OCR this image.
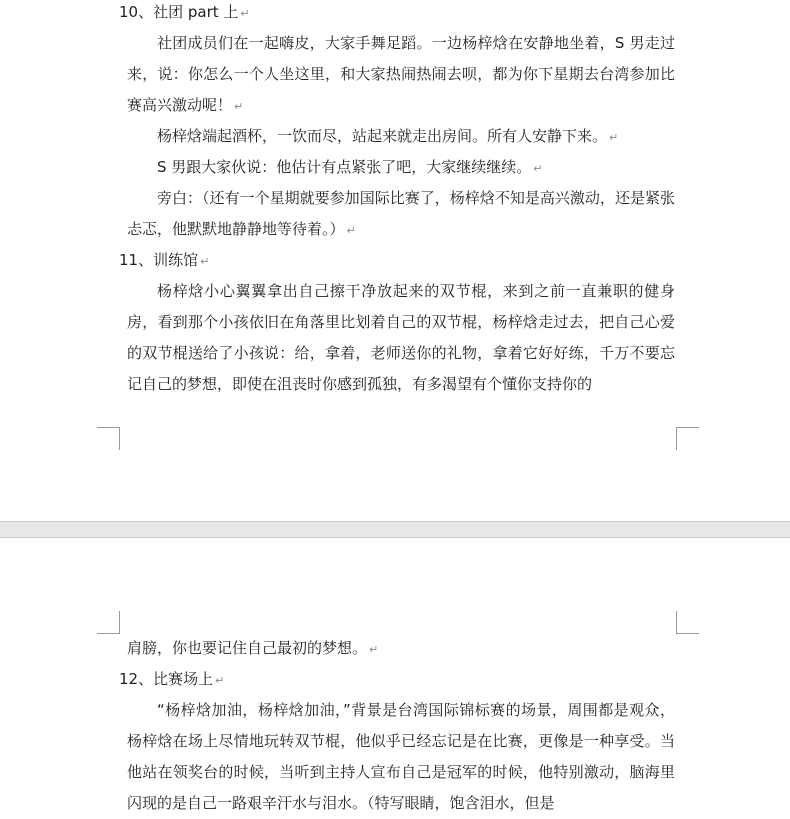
10、社团 part 上 ↵

社团成员们在一起嗨皮，大家手舞足蹈。一边杨梓焓在安静地坐着，S 男走过来，说：你怎么一个人坐这里，和大家热闹热闹去呗，都为你下星期去台湾参加比赛高兴激动呢！ ↵

杨梓焓端起酒杯，一饮而尽，站起来就走出房间。所有人安静下来。 ↵

S 男跟大家伙说：他估计有点紧张了吧，大家继续继续。 ↵

旁白：（还有一个星期就要参加国际比赛了，杨梓焓不知是高兴激动，还是紧张忐忑，他默默地静静地等待着。） ↵

11、训练馆 ↵

杨梓焓小心翼翼拿出自己擦干净放起来的双节棍，来到之前一直兼职的健身房，看到那个小孩依旧在角落里比划着自己的双节棍，杨梓焓走过去，把自己心爱的双节棍送给了小孩说：给，拿着，老师送你的礼物，拿着它好好练，千万不要忘记自己的梦想，即使在沮丧时你感到孤独，有多渴望有个懂你支持你的

肩膀，你也要记住自己最初的梦想。 ↵

12、比赛场上 ↵

“杨梓焓加油，杨梓焓加油，”背景是台湾国际锦标赛的场景，周围都是观众，杨梓焓在场上尽情地玩转双节棍，他似乎已经忘记是在比赛，更像是一种享受。当他站在领奖台的时候，当听到主持人宣布自己是冠军的时候，他特别激动，脑海里闪现的是自己一路艰辛汗水与泪水。（特写眼睛，饱含泪水，但是
